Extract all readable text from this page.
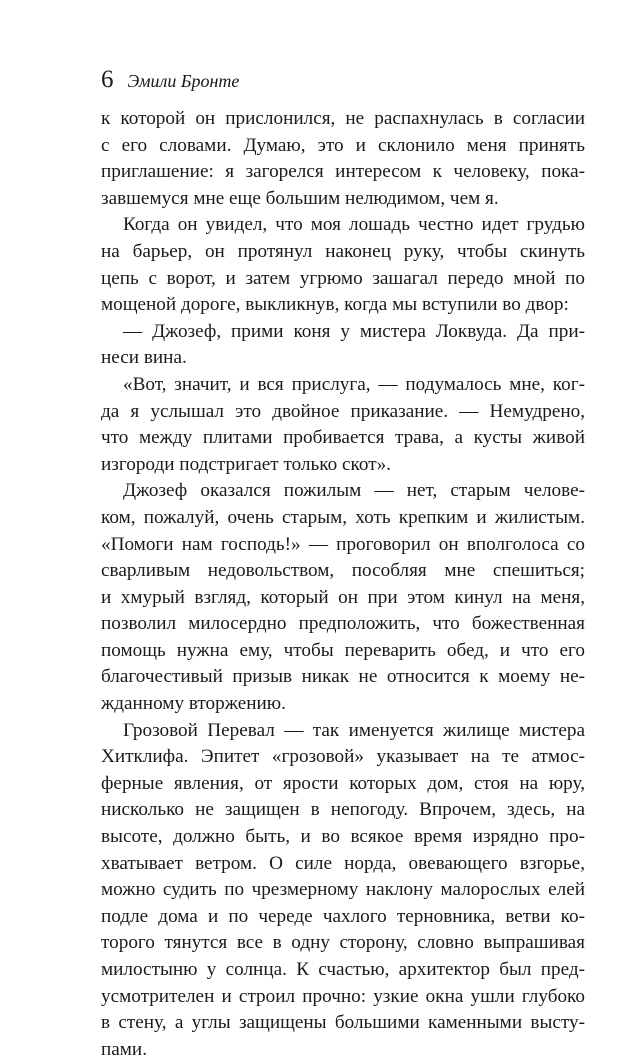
6 Эмили Бронте
к которой он прислонился, не распахнулась в согласии
с его словами. Думаю, это и склонило меня принять
приглашение: я загорелся интересом к человеку, пока-
завшемуся мне еще большим нелюдимом, чем я.
Когда он увидел, что моя лошадь честно идет грудью
на барьер, он протянул наконец руку, чтобы скинуть
цепь с ворот, и затем угрюмо зашагал передо мной по
мощеной дороге, выкликнув, когда мы вступили во двор:
— Джозеф, прими коня у мистера Локвуда. Да при-
неси вина.
«Вот, значит, и вся прислуга, — подумалось мне, ког-
да я услышал это двойное приказание. — Немудрено,
что между плитами пробивается трава, а кусты живой
изгороди подстригает только скот».
Джозеф оказался пожилым — нет, старым челове-
ком, пожалуй, очень старым, хоть крепким и жилистым.
«Помоги нам господь!» — проговорил он вполголоса со
сварливым недовольством, пособляя мне спешиться;
и хмурый взгляд, который он при этом кинул на меня,
позволил милосердно предположить, что божественная
помощь нужна ему, чтобы переварить обед, и что его
благочестивый призыв никак не относится к моему не-
жданному вторжению.
Грозовой Перевал — так именуется жилище мистера
Хитклифа. Эпитет «грозовой» указывает на те атмос-
ферные явления, от ярости которых дом, стоя на юру,
нисколько не защищен в непогоду. Впрочем, здесь, на
высоте, должно быть, и во всякое время изрядно про-
хватывает ветром. О силе норда, овевающего взгорье,
можно судить по чрезмерному наклону малорослых елей
подле дома и по череде чахлого терновника, ветви ко-
торого тянутся все в одну сторону, словно выпрашивая
милостыню у солнца. К счастью, архитектор был пред-
усмотрителен и строил прочно: узкие окна ушли глубоко
в стену, а углы защищены большими каменными высту-
пами.
